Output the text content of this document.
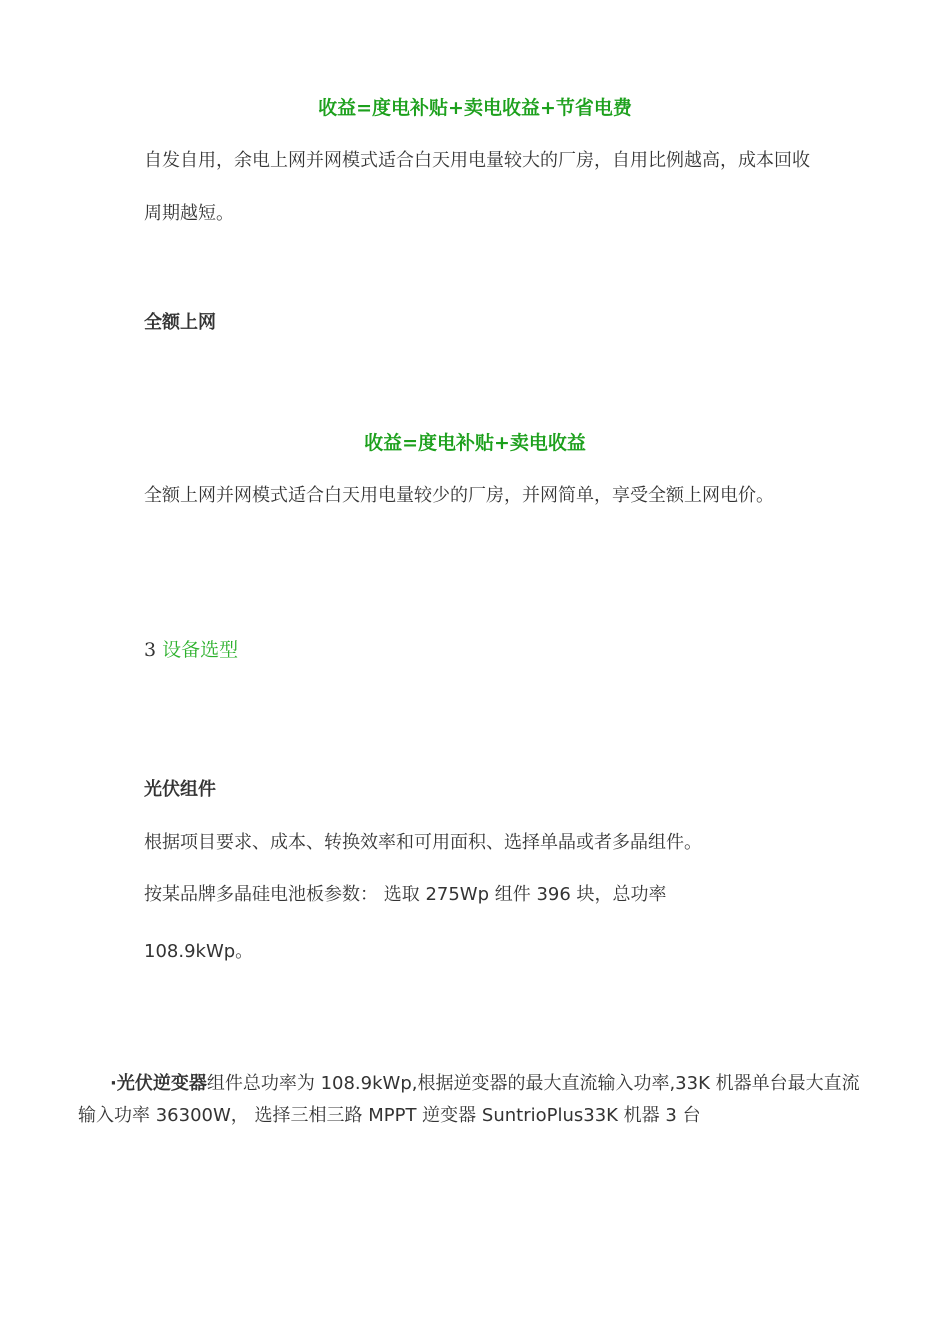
收益=度电补贴+卖电收益+节省电费
自发自用，余电上网并网模式适合白天用电量较大的厂房，自用比例越高，成本回收
周期越短。
全额上网
收益=度电补贴+卖电收益
全额上网并网模式适合白天用电量较少的厂房，并网简单，享受全额上网电价。
3 设备选型
光伏组件
根据项目要求、成本、转换效率和可用面积、选择单晶或者多晶组件。
按某品牌多晶硅电池板参数： 选取 275Wp 组件 396 块，总功率
108.9kWp。
·光伏逆变器组件总功率为 108.9kWp,根据逆变器的最大直流输入功率,33K 机器单台最大直流输入功率 36300W， 选择三相三路 MPPT 逆变器 SuntrioPlus33K 机器 3 台
